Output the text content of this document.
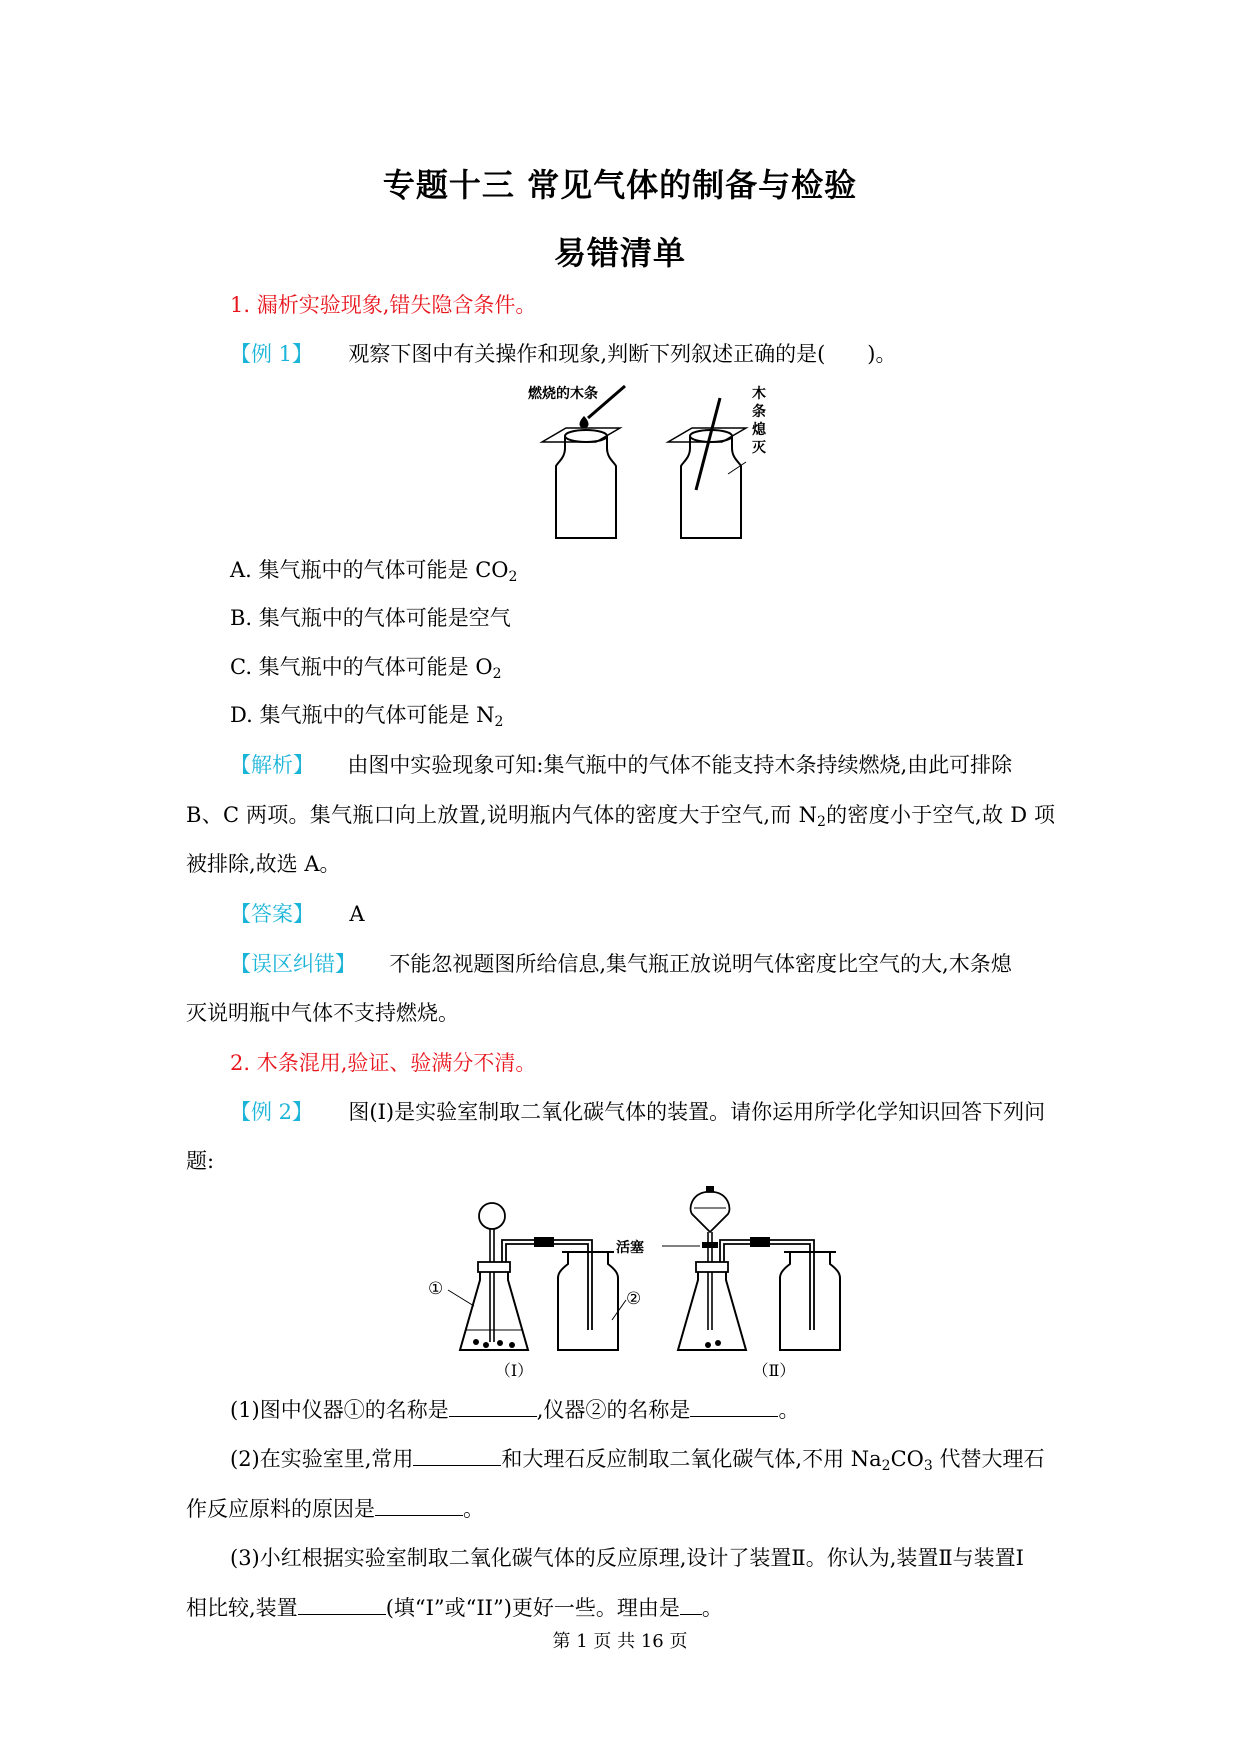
专题十三 常见气体的制备与检验
易错清单
1. 漏析实验现象,错失隐含条件。
【例 1】 观察下图中有关操作和现象,判断下列叙述正确的是(　　)。
燃烧的木条	木
条
熄
灭
A. 集气瓶中的气体可能是 $CO_2$
B. 集气瓶中的气体可能是空气
C. 集气瓶中的气体可能是 $O_2$
D. 集气瓶中的气体可能是 $N_2$
【解析】 由图中实验现象可知:集气瓶中的气体不能支持木条持续燃烧,由此可排除
B、C 两项。集气瓶口向上放置,说明瓶内气体的密度大于空气,而 $N_2$的密度小于空气,故 D 项
被排除,故选 A。
【答案】 A
【误区纠错】 不能忽视题图所给信息,集气瓶正放说明气体密度比空气的大,木条熄
灭说明瓶中气体不支持燃烧。
2. 木条混用,验证、验满分不清。
【例 2】 图(I)是实验室制取二氧化碳气体的装置。请你运用所学化学知识回答下列问
题:
①	②
（Ⅰ）
活塞
（Ⅱ）
(1)图中仪器①的名称是	,仪器②的名称是	。
(2)在实验室里,常用	和大理石反应制取二氧化碳气体,不用 $Na_2CO_3$ 代替大理石
作反应原料的原因是	。
(3)小红根据实验室制取二氧化碳气体的反应原理,设计了装置Ⅱ。你认为,装置Ⅱ与装置Ⅰ
相比较,装置	(填“I”或“II”)更好一些。理由是 。
第 1 页 共 16 页
